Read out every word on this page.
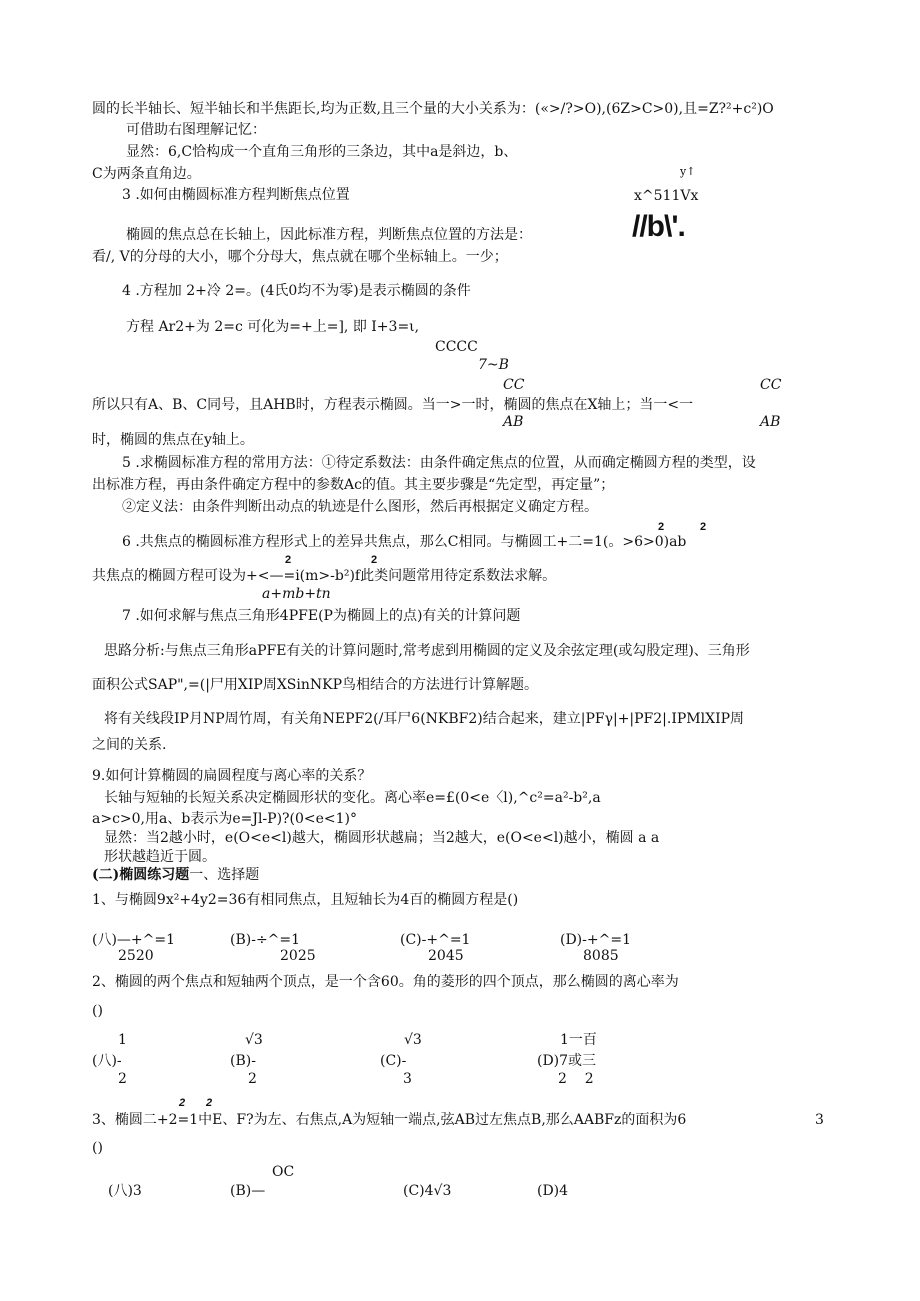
圆的长半轴长、短半轴长和半焦距长,均为正数,且三个量的大小关系为：(«>/?>O),(6Z>C>0),且=Z?²+c²)O
可借助右图理解记忆：
显然：6,C恰构成一个直角三角形的三条边，其中a是斜边，b、
C为两条直角边。	y↑
x^511Vx
//b\'.
3 .如何由椭圆标准方程判断焦点位置
椭圆的焦点总在长轴上，因此标准方程，判断焦点位置的方法是：
看/, V的分母的大小，哪个分母大，焦点就在哪个坐标轴上。一少；
4 .方程加 2+冷 2=。(4氏0均不为零)是表示椭圆的条件
方程 Ar2+为 2=c 可化为=+上=], 即 I+3=ι,
CCCC
7~B
CC	CC
所以只有A、B、C同号，且AHB时，方程表示椭圆。当一>一时，椭圆的焦点在X轴上；当一<一
AB	AB
时，椭圆的焦点在y轴上。
5 .求椭圆标准方程的常用方法：①待定系数法：由条件确定焦点的位置，从而确定椭圆方程的类型，设
出标准方程，再由条件确定方程中的参数Ac的值。其主要步骤是“先定型，再定量”；
②定义法：由条件判断出动点的轨迹是什么图形，然后再根据定义确定方程。
2	2
6 .共焦点的椭圆标准方程形式上的差异共焦点，那么C相同。与椭圆工+二=1(。>6>0)ab
2	2
共焦点的椭圆方程可设为+<—=i(m>-b²)f此类问题常用待定系数法求解。
a+mb+tn
7 .如何求解与焦点三角形4PFE(P为椭圆上的点)有关的计算问题
思路分析:与焦点三角形aPFE有关的计算问题时,常考虑到用椭圆的定义及余弦定理(或勾股定理)、三角形
面积公式SAP",=(|尸用XIP周XSinNKP鸟相结合的方法进行计算解题。
将有关线段IP月NP周竹周，有关角NEPF2(/耳尸6(NKBF2)结合起来，建立|PFγ|+|PF2|.IPMlXIP周
之间的关系.
9.如何计算椭圆的扁圆程度与离心率的关系？
长轴与短轴的长短关系决定椭圆形状的变化。离心率e=£(0<e〈l),^c²=a²-b²,a
a>c>0,用a、b表示为e=Jl-P)?(0<e<1)°
显然：当2越小时，e(O<e<l)越大，椭圆形状越扁；当2越大，e(O<e<l)越小，椭圆 a a
形状越趋近于圆。
(二)椭圆练习题一、选择题
1、与椭圆9x²+4y2=36有相同焦点，且短轴长为4百的椭圆方程是()
(八)—+^=1	(B)-÷^=1	(C)-+^=1	(D)-+^=1
2520	2025	2045	8085
2、椭圆的两个焦点和短轴两个顶点，是一个含60。角的菱形的四个顶点，那么椭圆的离心率为
()
1	√3	√3	1一百
(八)-	(B)-	(C)-	(D)7或三
2	2	3	2    2
2 2
3、椭圆二+2=1中E、F?为左、右焦点,A为短轴一端点,弦AB过左焦点B,那么AABFz的面积为6	3
()
OC
(八)3	(B)—	(C)4√3	(D)4
